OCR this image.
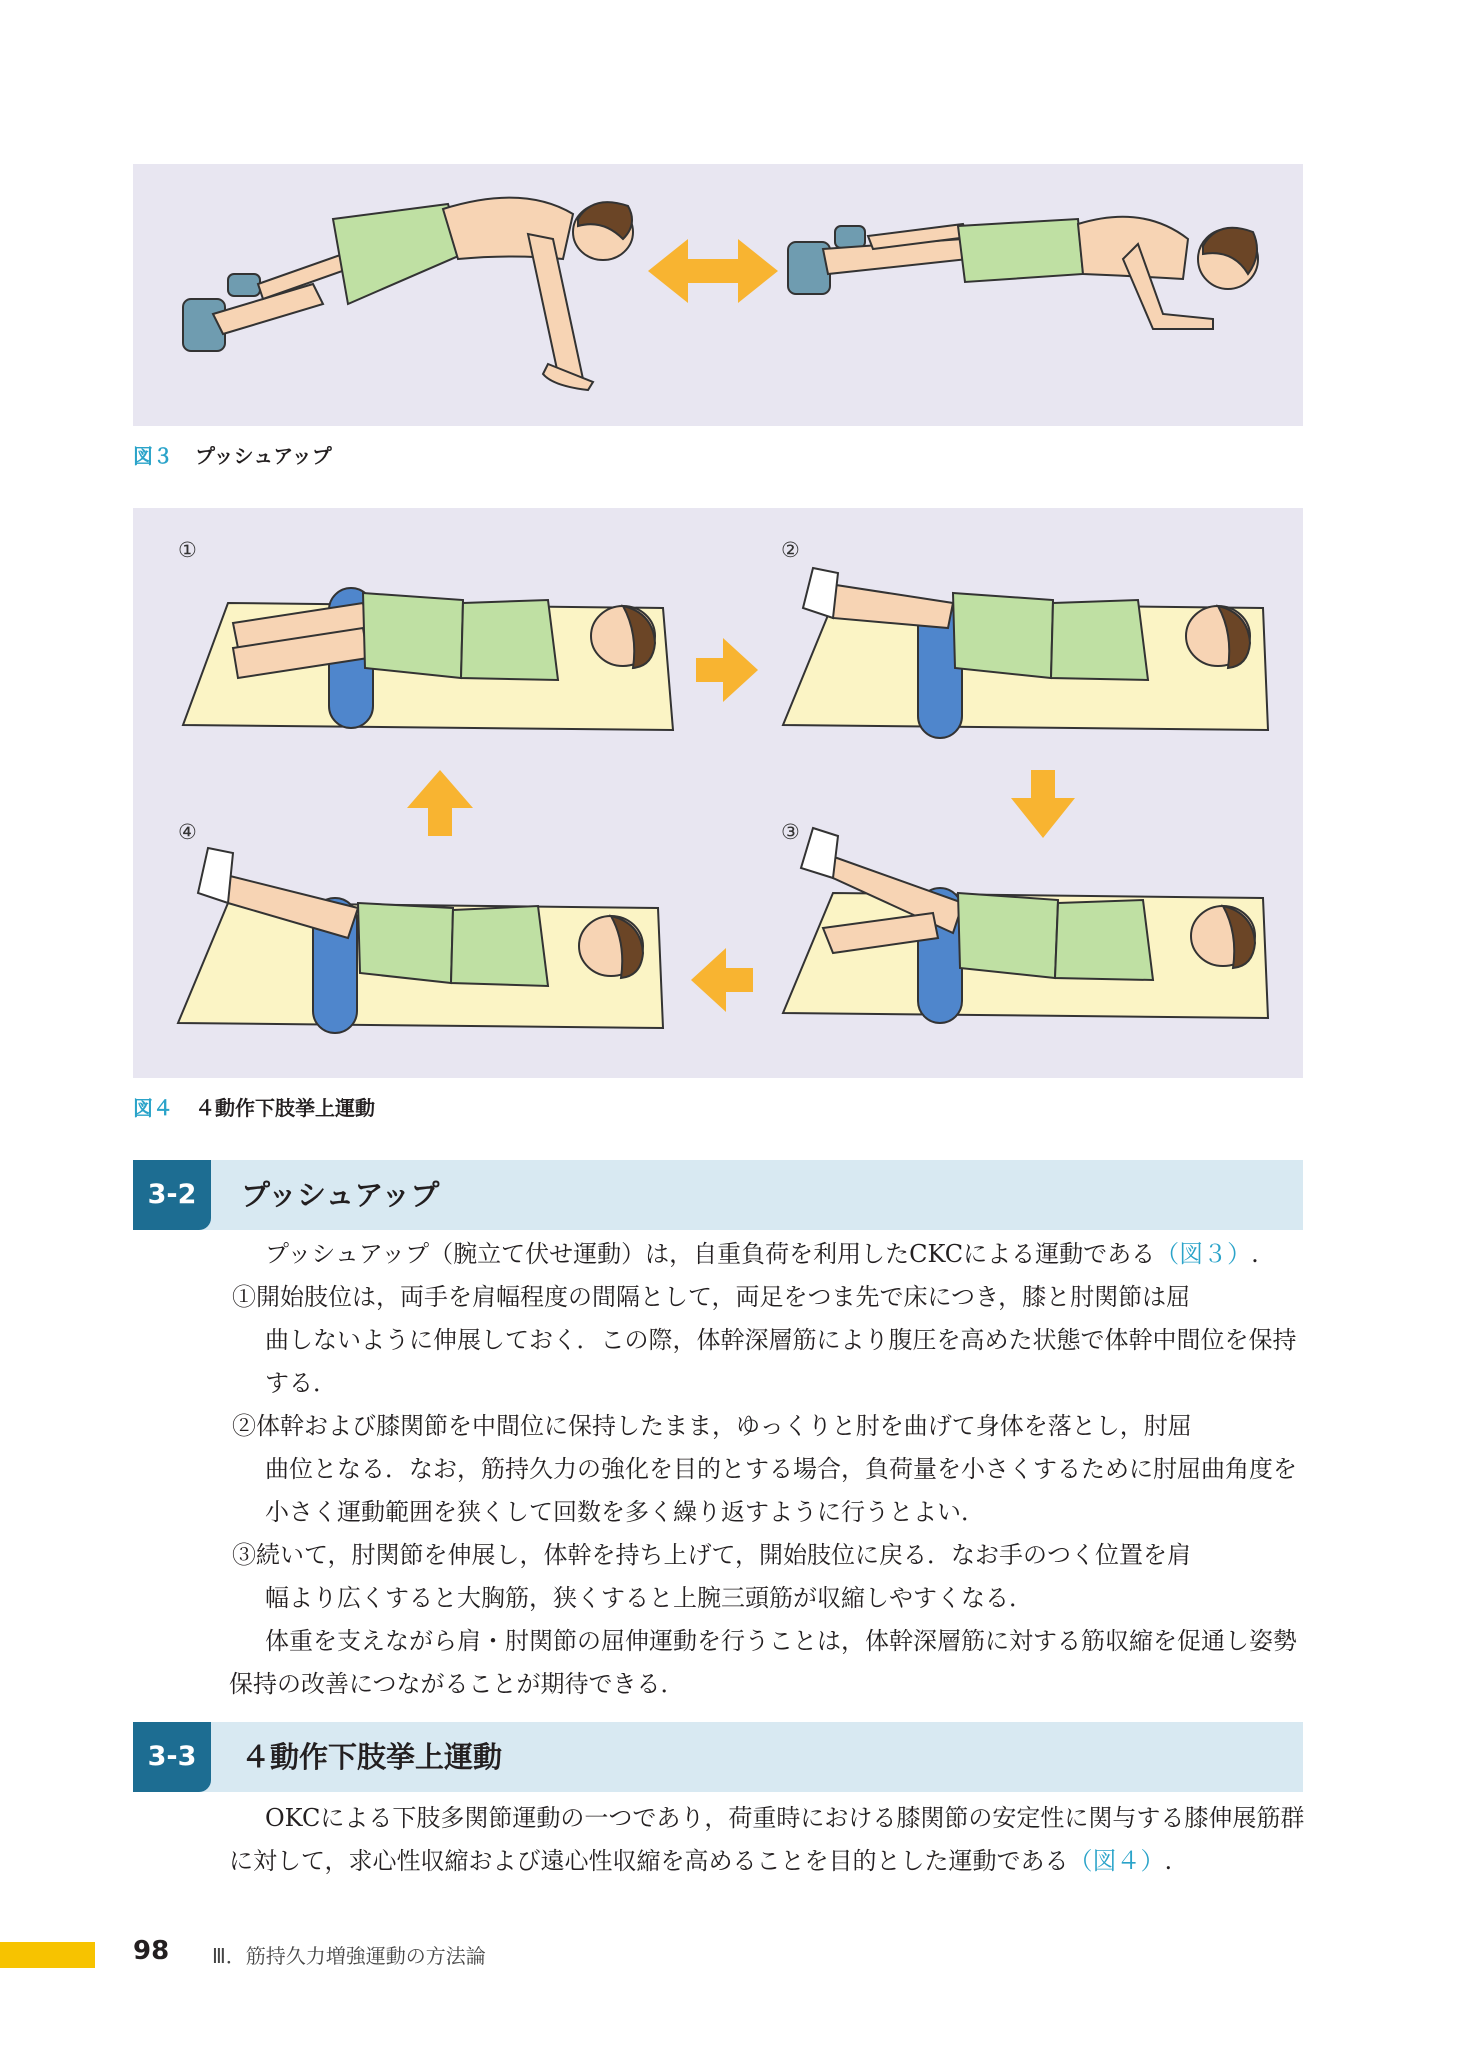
図３ プッシュアップ
①	②
③
④
図４ ４動作下肢挙上運動
3-2	プッシュアップ
プッシュアップ（腕立て伏せ運動）は，自重負荷を利用したCKCによる運動である（図３）.
①開始肢位は，両手を肩幅程度の間隔として，両足をつま先で床につき，膝と肘関節は屈
曲しないように伸展しておく．この際，体幹深層筋により腹圧を高めた状態で体幹中間位を保持する．
②体幹および膝関節を中間位に保持したまま，ゆっくりと肘を曲げて身体を落とし，肘屈
曲位となる．なお，筋持久力の強化を目的とする場合，負荷量を小さくするために肘屈曲角度を小さく運動範囲を狭くして回数を多く繰り返すように行うとよい．
③続いて，肘関節を伸展し，体幹を持ち上げて，開始肢位に戻る．なお手のつく位置を肩
幅より広くすると大胸筋，狭くすると上腕三頭筋が収縮しやすくなる．
体重を支えながら肩・肘関節の屈伸運動を行うことは，体幹深層筋に対する筋収縮を促通し姿勢保持の改善につながることが期待できる．
3-3	４動作下肢挙上運動
OKCによる下肢多関節運動の一つであり，荷重時における膝関節の安定性に関与する膝伸展筋群に対して，求心性収縮および遠心性収縮を高めることを目的とした運動である（図４）.
98 Ⅲ．筋持久力増強運動の方法論
